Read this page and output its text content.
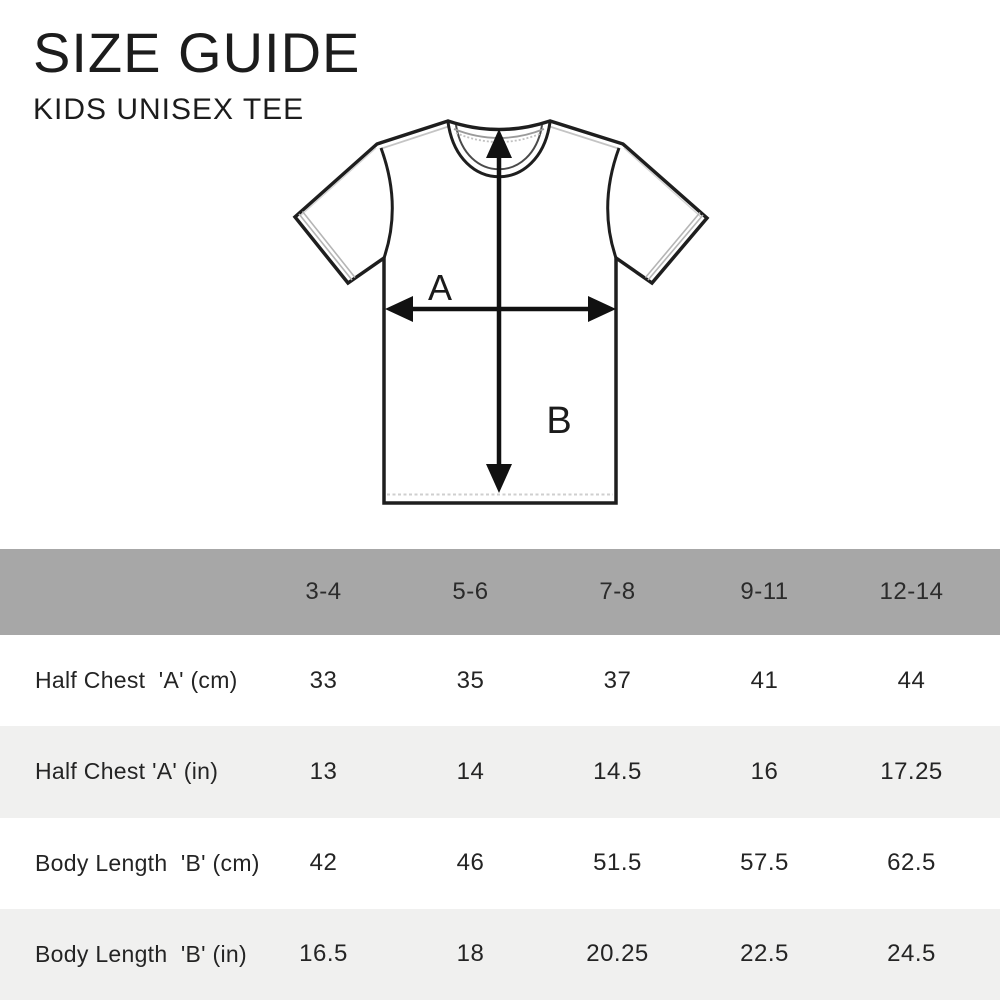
SIZE GUIDE
KIDS UNISEX TEE
A
B
3-4	5-6	7-8	9-11	12-14
Half Chest  'A' (cm)	33	35	37	41	44
Half Chest 'A' (in)	13	14	14.5	16	17.25
Body Length  'B' (cm)	42	46	51.5	57.5	62.5
Body Length  'B' (in)	16.5	18	20.25	22.5	24.5
